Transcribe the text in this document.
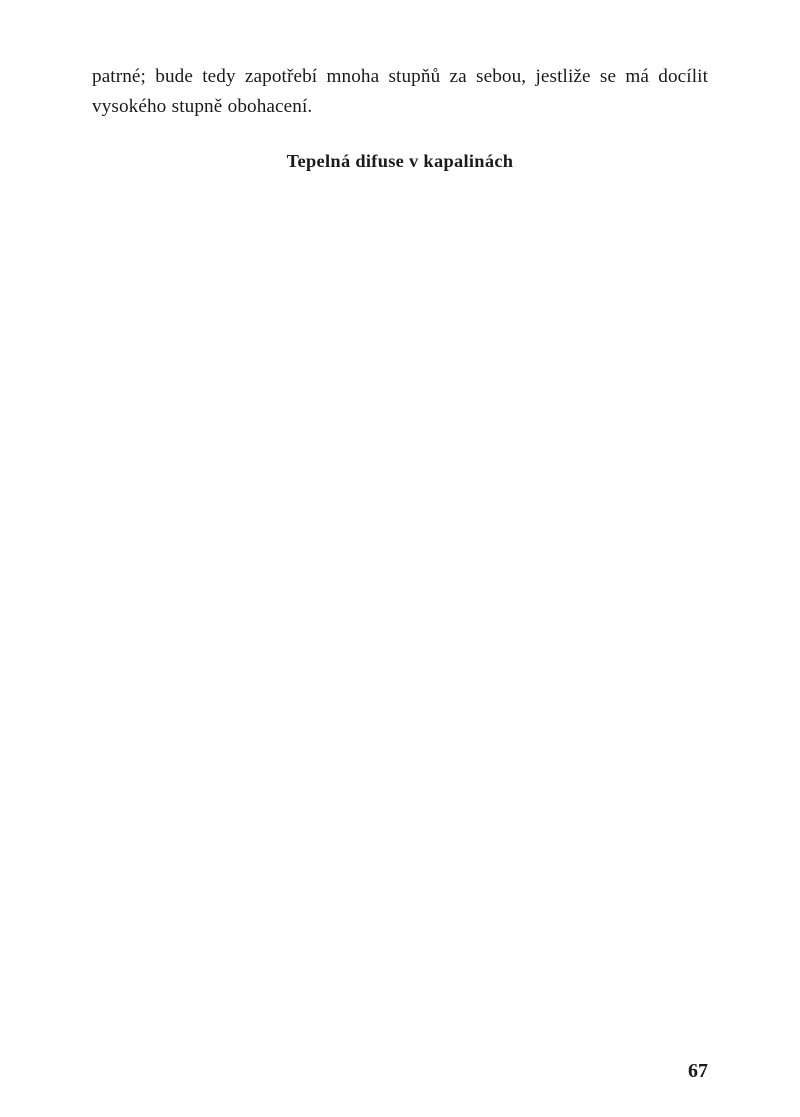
patrné; bude tedy zapotřebí mnoha stupňů za sebou, jestliže se má docílit vysokého stupně obohacení.

Tepelná difuse v kapalinách

67
